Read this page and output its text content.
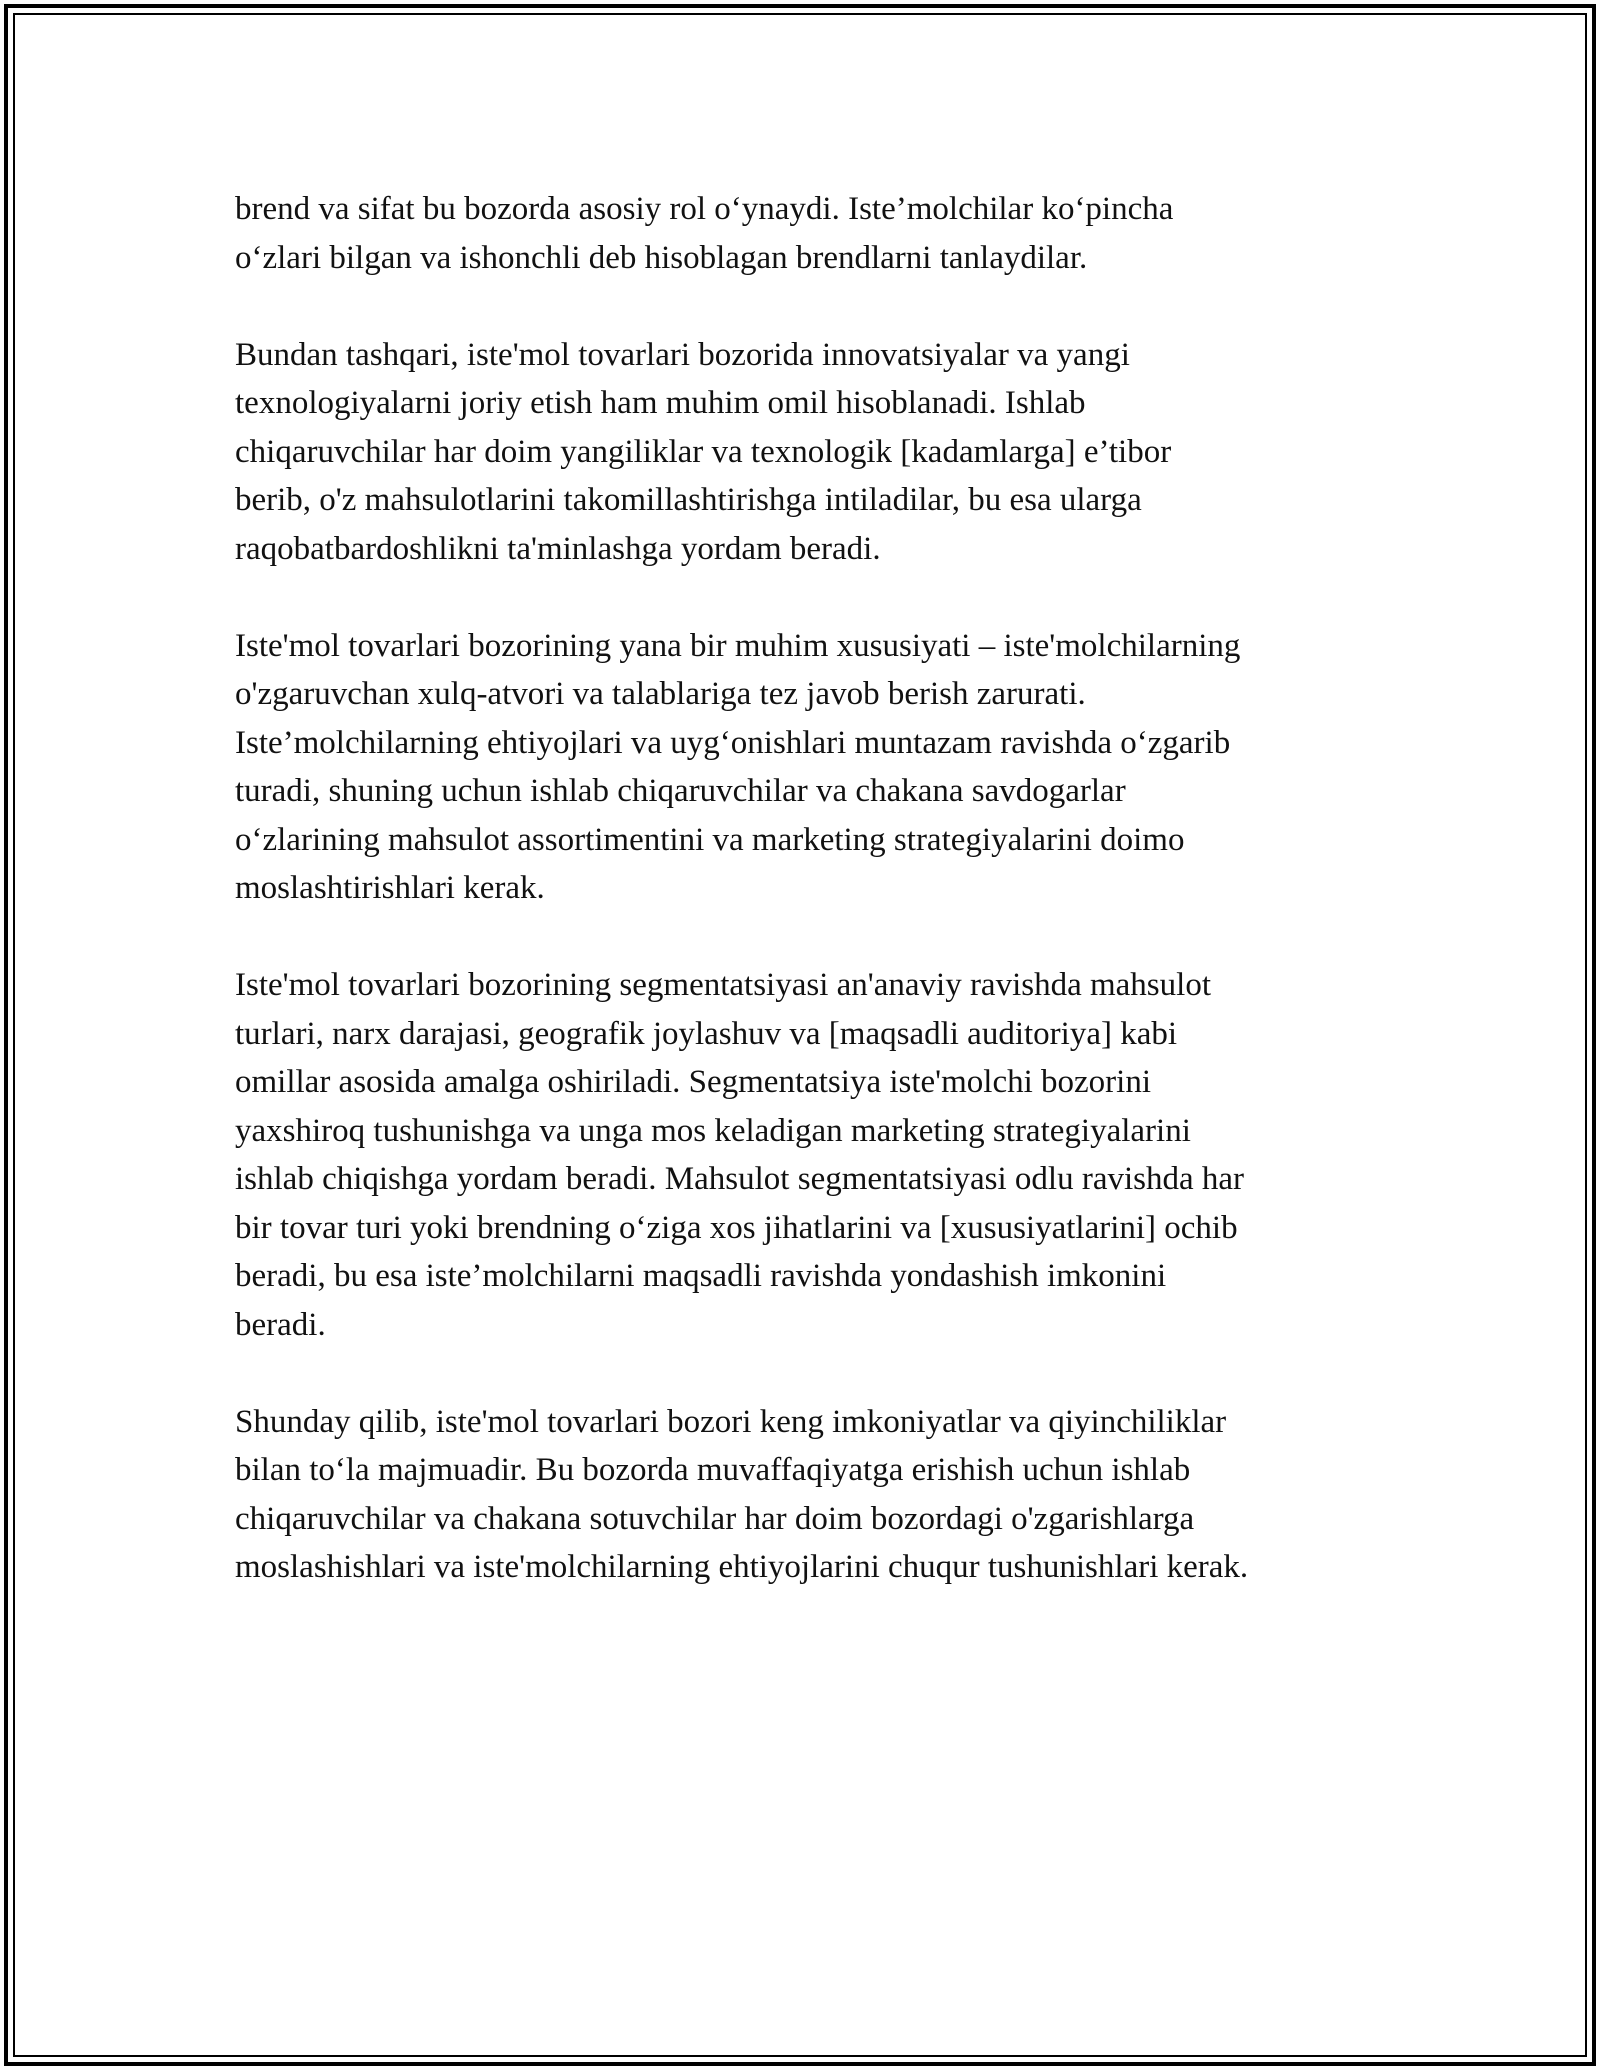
brend va sifat bu bozorda asosiy rol o‘ynaydi. Iste’molchilar ko‘pincha
o‘zlari bilgan va ishonchli deb hisoblagan brendlarni tanlaydilar.

Bundan tashqari, iste'mol tovarlari bozorida innovatsiyalar va yangi
texnologiyalarni joriy etish ham muhim omil hisoblanadi. Ishlab
chiqaruvchilar har doim yangiliklar va texnologik [kadamlarga] e’tibor
berib, o'z mahsulotlarini takomillashtirishga intiladilar, bu esa ularga
raqobatbardoshlikni ta'minlashga yordam beradi.

Iste'mol tovarlari bozorining yana bir muhim xususiyati – iste'molchilarning
o'zgaruvchan xulq-atvori va talablariga tez javob berish zarurati.
Iste’molchilarning ehtiyojlari va uyg‘onishlari muntazam ravishda o‘zgarib
turadi, shuning uchun ishlab chiqaruvchilar va chakana savdogarlar
o‘zlarining mahsulot assortimentini va marketing strategiyalarini doimo
moslashtirishlari kerak.

Iste'mol tovarlari bozorining segmentatsiyasi an'anaviy ravishda mahsulot
turlari, narx darajasi, geografik joylashuv va [maqsadli auditoriya] kabi
omillar asosida amalga oshiriladi. Segmentatsiya iste'molchi bozorini
yaxshiroq tushunishga va unga mos keladigan marketing strategiyalarini
ishlab chiqishga yordam beradi. Mahsulot segmentatsiyasi odlu ravishda har
bir tovar turi yoki brendning o‘ziga xos jihatlarini va [xususiyatlarini] ochib
beradi, bu esa iste’molchilarni maqsadli ravishda yondashish imkonini
beradi.

Shunday qilib, iste'mol tovarlari bozori keng imkoniyatlar va qiyinchiliklar
bilan to‘la majmuadir. Bu bozorda muvaffaqiyatga erishish uchun ishlab
chiqaruvchilar va chakana sotuvchilar har doim bozordagi o'zgarishlarga
moslashishlari va iste'molchilarning ehtiyojlarini chuqur tushunishlari kerak.
